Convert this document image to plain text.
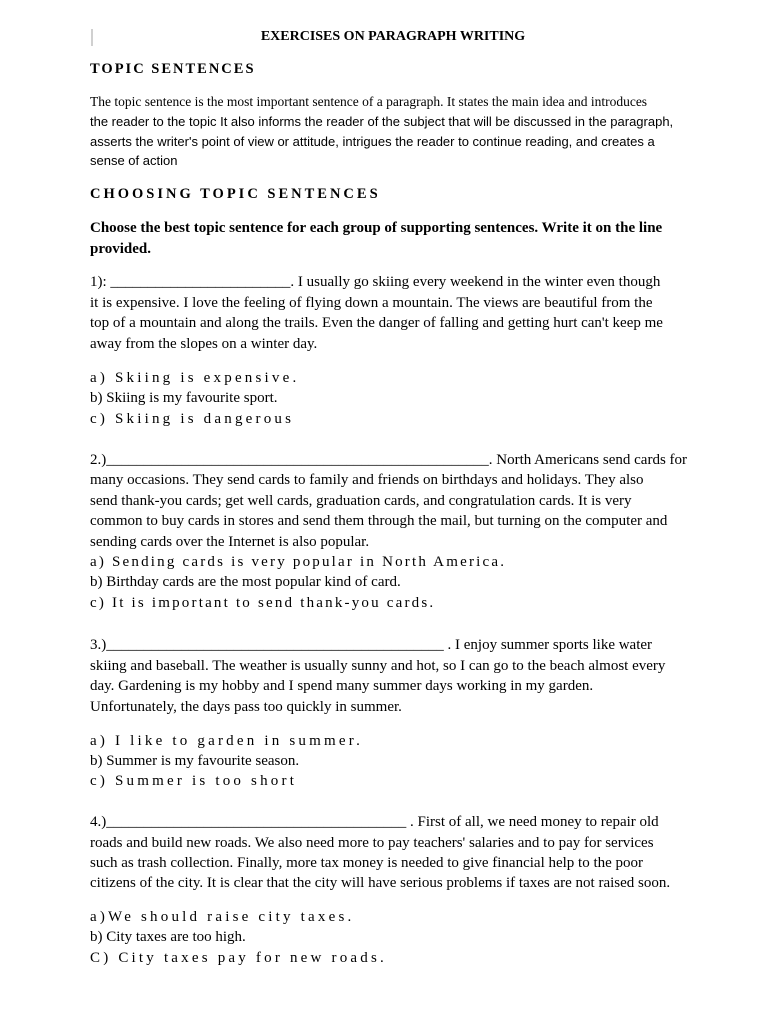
EXERCISES ON PARAGRAPH WRITING
TOPIC SENTENCES
The topic sentence is the most important sentence of a paragraph. It states the main idea and introduces
the reader to the topic It also informs the reader of the subject that will be discussed in the paragraph,
asserts the writer's point of view or attitude, intrigues the reader to continue reading, and creates a
sense of action
CHOOSING TOPIC SENTENCES
Choose the best topic sentence for each group of supporting sentences. Write it on the line provided.
1): ________________________. I usually go skiing every weekend in the winter even though
it is expensive. I love the feeling of flying down a mountain. The views are beautiful from the
top of a mountain and along the trails. Even the danger of falling and getting hurt can't keep me
away from the slopes on a winter day.
a) Skiing is expensive.
b) Skiing is my favourite sport.
c) Skiing is dangerous
2.)___________________________________________________. North Americans send cards for
many occasions. They send cards to family and friends on birthdays and holidays. They also
send thank-you cards; get well cards, graduation cards, and congratulation cards. It is very
common to buy cards in stores and send them through the mail, but turning on the computer and
sending cards over the Internet is also popular.
a) Sending cards is very popular in North America.
b) Birthday cards are the most popular kind of card.
c) It is important to send thank-you cards.
3.)_____________________________________________ . I enjoy summer sports like water
skiing and baseball. The weather is usually sunny and hot, so I can go to the beach almost every
day. Gardening is my hobby and I spend many summer days working in my garden.
Unfortunately, the days pass too quickly in summer.
a) I like to garden in summer.
b) Summer is my favourite season.
c) Summer is too short
4.)________________________________________ . First of all, we need money to repair old
roads and build new roads. We also need more to pay teachers' salaries and to pay for services
such as trash collection. Finally, more tax money is needed to give financial help to the poor
citizens of the city. It is clear that the city will have serious problems if taxes are not raised soon.
a)We should raise city taxes.
b) City taxes are too high.
C) City taxes pay for new roads.
